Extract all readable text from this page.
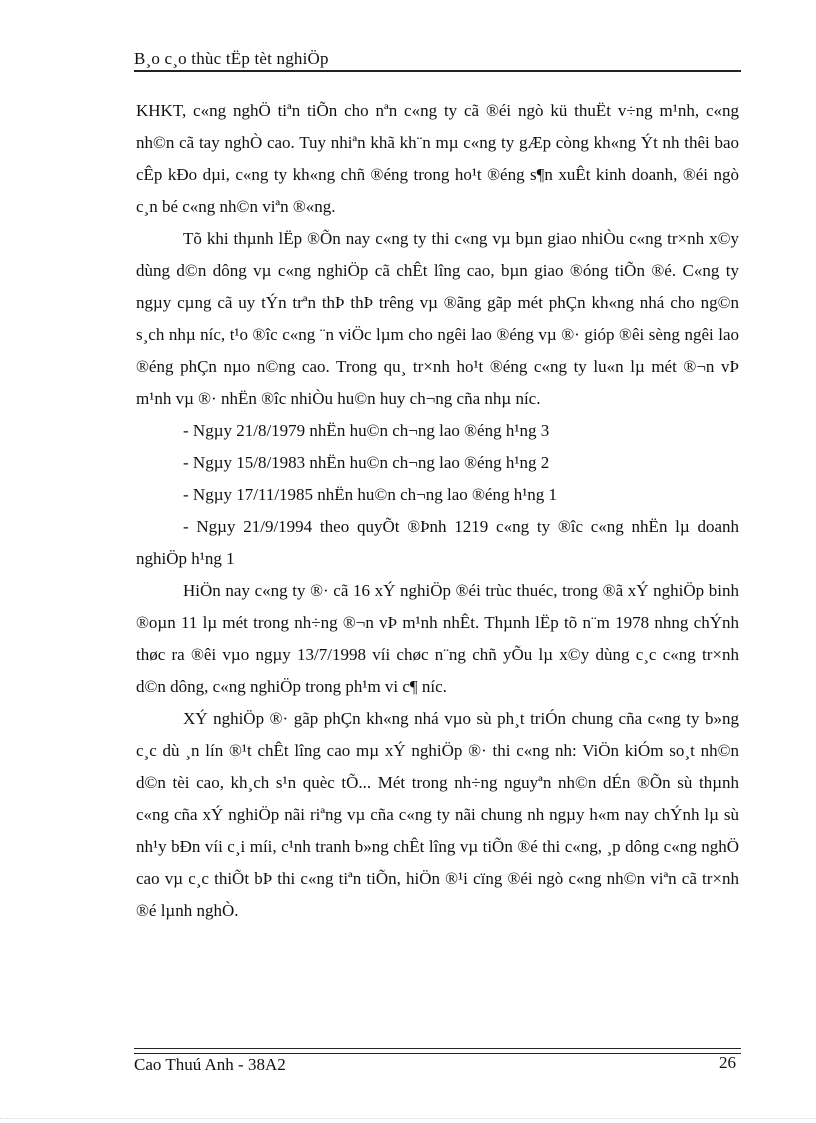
B¸o c¸o thùc tËp tèt nghiÖp

KHKT, c«ng nghÖ tiªn tiÕn cho nªn c«ng ty cã ®éi ngò kü thuËt v÷ng m¹nh, c«ng nh©n cã tay nghÒ cao. Tuy nhiªn khã kh¨n mµ c«ng ty gÆp còng kh«ng Ýt nh thêi bao cÊp kÐo dµi, c«ng ty kh«ng chñ ®éng trong ho¹t ®éng s¶n xuÊt kinh doanh, ®éi ngò c¸n bé c«ng nh©n viªn ®«ng.

Tõ khi thµnh lËp ®Õn nay c«ng ty thi c«ng vµ bµn giao nhiÒu c«ng tr×nh x©y dùng d©n dông vµ c«ng nghiÖp cã chÊt lîng cao, bµn giao ®óng tiÕn ®é. C«ng ty ngµy cµng cã uy tÝn trªn thÞ thÞ trêng vµ ®ãng gãp mét phÇn kh«ng nhá cho ng©n s¸ch nhµ níc, t¹o ®îc c«ng ¨n viÖc lµm cho ngêi lao ®éng vµ ®· gióp ®êi sèng ngêi lao ®éng phÇn nµo n©ng cao. Trong qu¸ tr×nh ho¹t ®éng c«ng ty lu«n lµ mét ®¬n vÞ m¹nh vµ ®· nhËn ®îc nhiÒu hu©n huy ch¬ng cña nhµ níc.

- Ngµy 21/8/1979 nhËn hu©n ch¬ng lao ®éng h¹ng 3

- Ngµy 15/8/1983 nhËn hu©n ch¬ng lao ®éng h¹ng 2

- Ngµy 17/11/1985 nhËn hu©n ch¬ng lao ®éng h¹ng 1

- Ngµy 21/9/1994 theo quyÕt ®Þnh 1219 c«ng ty ®îc c«ng nhËn lµ doanh nghiÖp h¹ng 1

HiÖn nay c«ng ty ®· cã 16 xÝ nghiÖp ®éi trùc thuéc, trong ®ã xÝ nghiÖp binh ®oµn 11 lµ mét trong nh÷ng ®¬n vÞ m¹nh nhÊt. Thµnh lËp tõ n¨m 1978 nhng chÝnh thøc ra ®êi vµo ngµy 13/7/1998 víi chøc n¨ng chñ yÕu lµ x©y dùng c¸c c«ng tr×nh d©n dông, c«ng nghiÖp trong ph¹m vi c¶ níc.

XÝ nghiÖp ®· gãp phÇn kh«ng nhá vµo sù ph¸t triÓn chung cña c«ng ty b»ng c¸c dù ¸n lín ®¹t chÊt lîng cao mµ xÝ nghiÖp ®· thi c«ng nh: ViÖn kiÓm so¸t nh©n d©n tèi cao, kh¸ch s¹n quèc tÕ... Mét trong nh÷ng nguyªn nh©n dÉn ®Õn sù thµnh c«ng cña xÝ nghiÖp nãi riªng vµ cña c«ng ty nãi chung nh ngµy h«m nay chÝnh lµ sù nh¹y bÐn víi c¸i míi, c¹nh tranh b»ng chÊt lîng vµ tiÕn ®é thi c«ng, ¸p dông c«ng nghÖ cao vµ c¸c thiÕt bÞ thi c«ng tiªn tiÕn, hiÖn ®¹i cïng ®éi ngò c«ng nh©n viªn cã tr×nh ®é lµnh nghÒ.

Cao Thuú Anh - 38A2	26
